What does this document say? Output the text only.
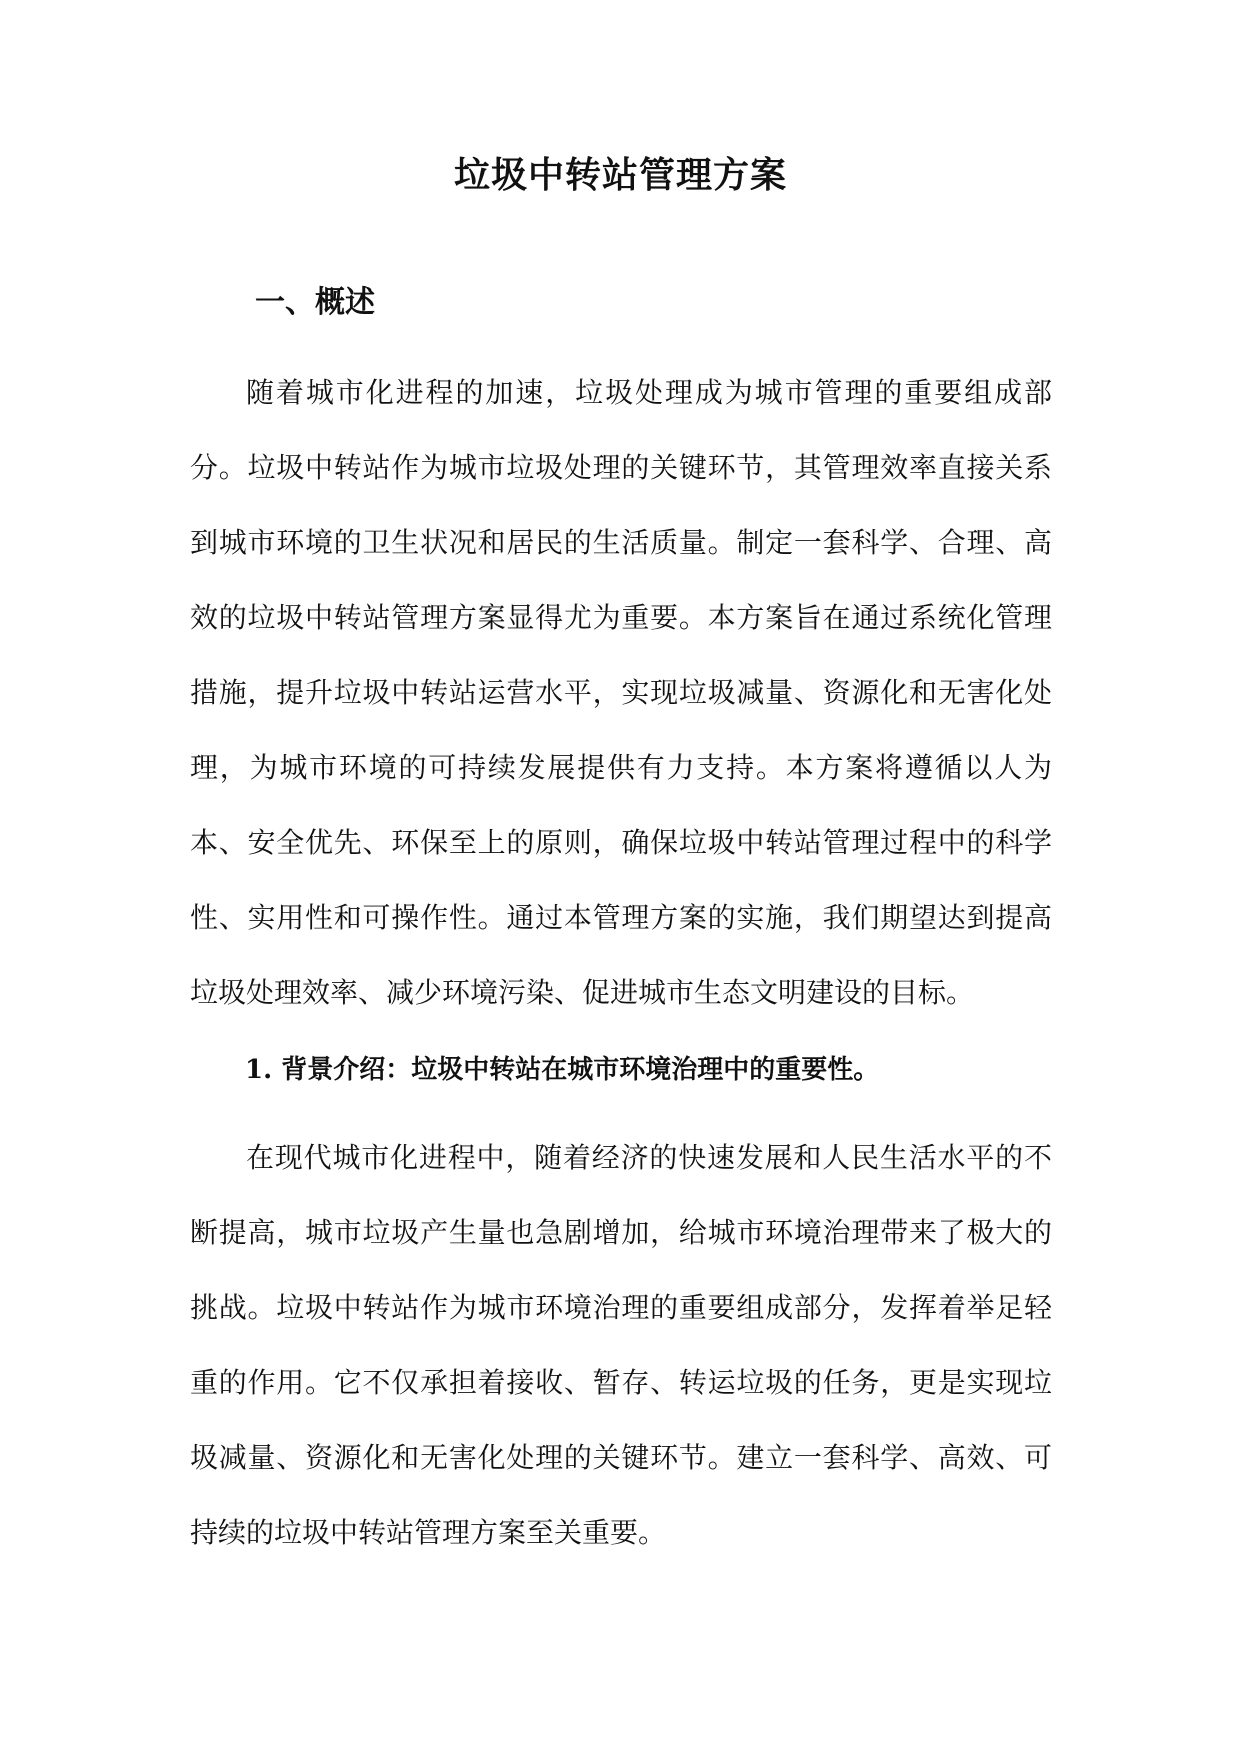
垃圾中转站管理方案
一、概述

随着城市化进程的加速，垃圾处理成为城市管理的重要组成部分。垃圾中转站作为城市垃圾处理的关键环节，其管理效率直接关系到城市环境的卫生状况和居民的生活质量。制定一套科学、合理、高效的垃圾中转站管理方案显得尤为重要。本方案旨在通过系统化管理措施，提升垃圾中转站运营水平，实现垃圾减量、资源化和无害化处理，为城市环境的可持续发展提供有力支持。本方案将遵循以人为本、安全优先、环保至上的原则，确保垃圾中转站管理过程中的科学性、实用性和可操作性。通过本管理方案的实施，我们期望达到提高垃圾处理效率、减少环境污染、促进城市生态文明建设的目标。

1. 背景介绍：垃圾中转站在城市环境治理中的重要性。

在现代城市化进程中，随着经济的快速发展和人民生活水平的不断提高，城市垃圾产生量也急剧增加，给城市环境治理带来了极大的挑战。垃圾中转站作为城市环境治理的重要组成部分，发挥着举足轻重的作用。它不仅承担着接收、暂存、转运垃圾的任务，更是实现垃圾减量、资源化和无害化处理的关键环节。建立一套科学、高效、可持续的垃圾中转站管理方案至关重要。
